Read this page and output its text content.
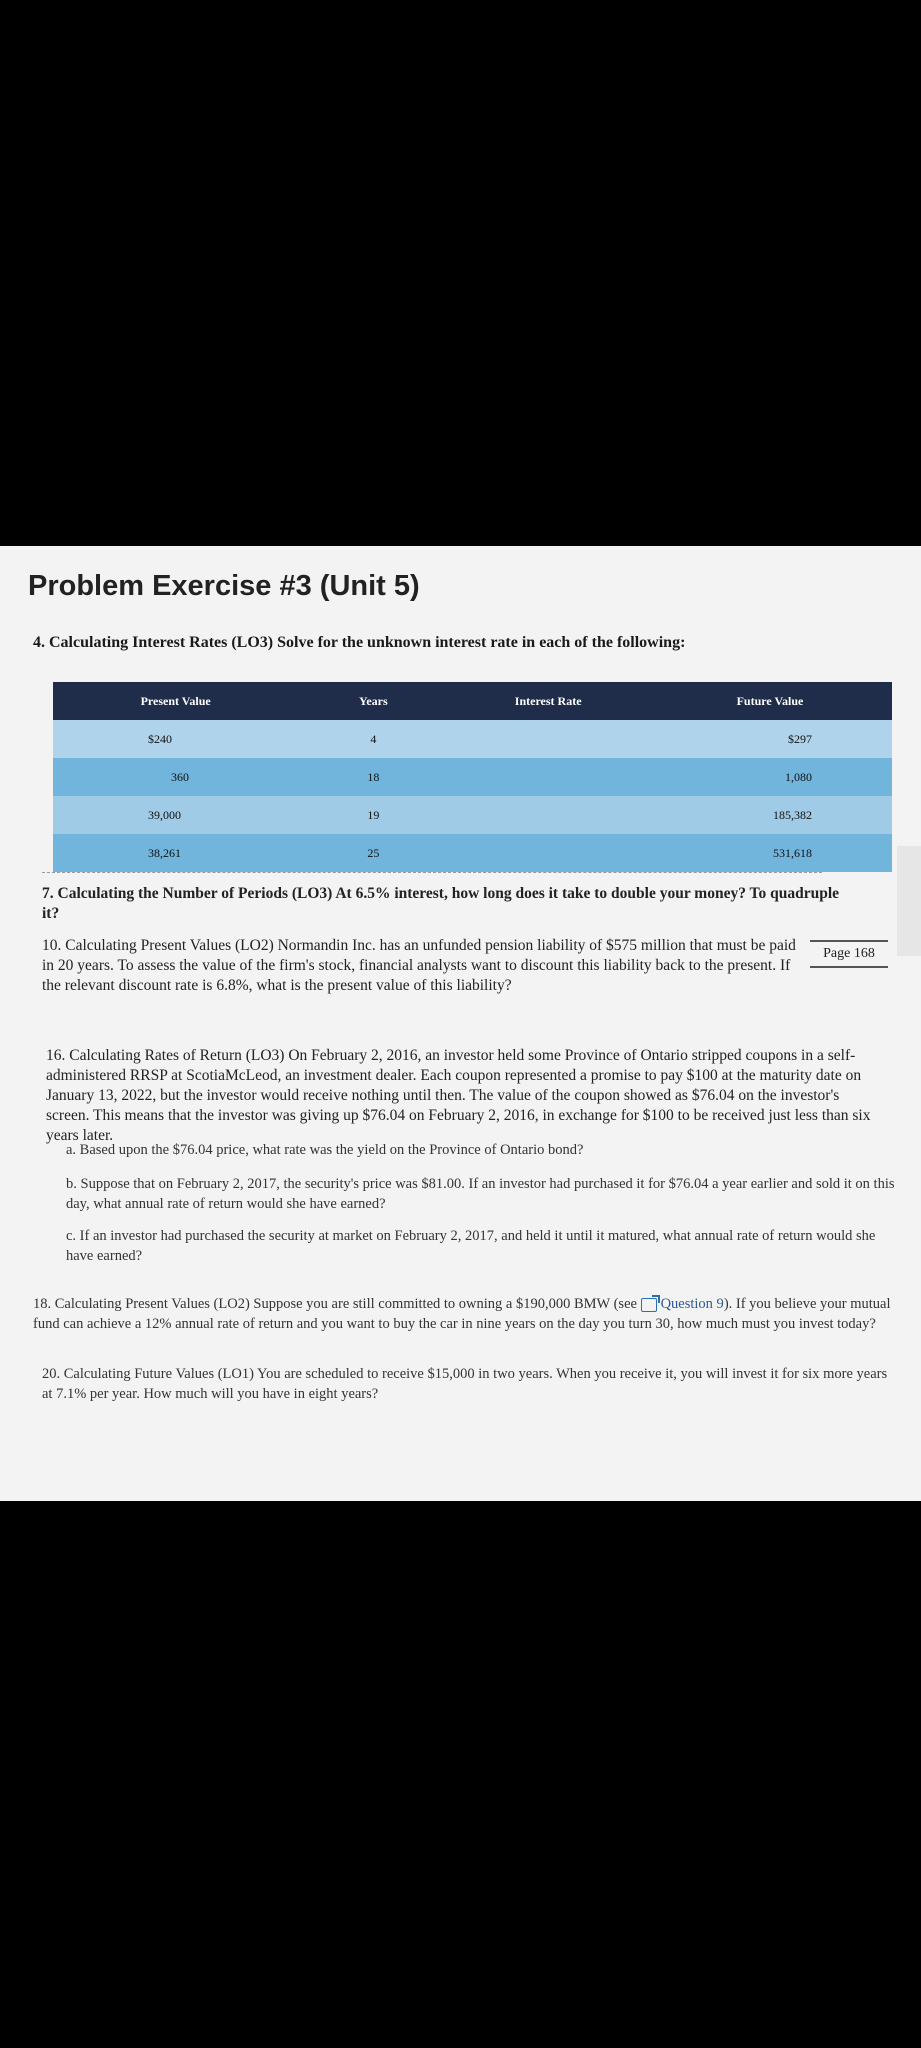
Problem Exercise #3 (Unit 5)
4. Calculating Interest Rates (LO3) Solve for the unknown interest rate in each of the following:
Present Value	Years	Interest Rate	Future Value
$240	4		$297
360	18		1,080
39,000	19		185,382
38,261	25		531,618

7. Calculating the Number of Periods (LO3) At 6.5% interest, how long does it take to double your money? To quadruple it?

10. Calculating Present Values (LO2) Normandin Inc. has an unfunded pension liability of $575 million that must be paid in 20 years. To assess the value of the firm's stock, financial analysts want to discount this liability back to the present. If the relevant discount rate is 6.8%, what is the present value of this liability?

Page 168

16. Calculating Rates of Return (LO3) On February 2, 2016, an investor held some Province of Ontario stripped coupons in a self-administered RRSP at ScotiaMcLeod, an investment dealer. Each coupon represented a promise to pay $100 at the maturity date on January 13, 2022, but the investor would receive nothing until then. The value of the coupon showed as $76.04 on the investor's screen. This means that the investor was giving up $76.04 on February 2, 2016, in exchange for $100 to be received just less than six years later.

a. Based upon the $76.04 price, what rate was the yield on the Province of Ontario bond?

b. Suppose that on February 2, 2017, the security's price was $81.00. If an investor had purchased it for $76.04 a year earlier and sold it on this day, what annual rate of return would she have earned?

c. If an investor had purchased the security at market on February 2, 2017, and held it until it matured, what annual rate of return would she have earned?

18. Calculating Present Values (LO2) Suppose you are still committed to owning a $190,000 BMW (see Question 9). If you believe your mutual fund can achieve a 12% annual rate of return and you want to buy the car in nine years on the day you turn 30, how much must you invest today?

20. Calculating Future Values (LO1) You are scheduled to receive $15,000 in two years. When you receive it, you will invest it for six more years at 7.1% per year. How much will you have in eight years?
